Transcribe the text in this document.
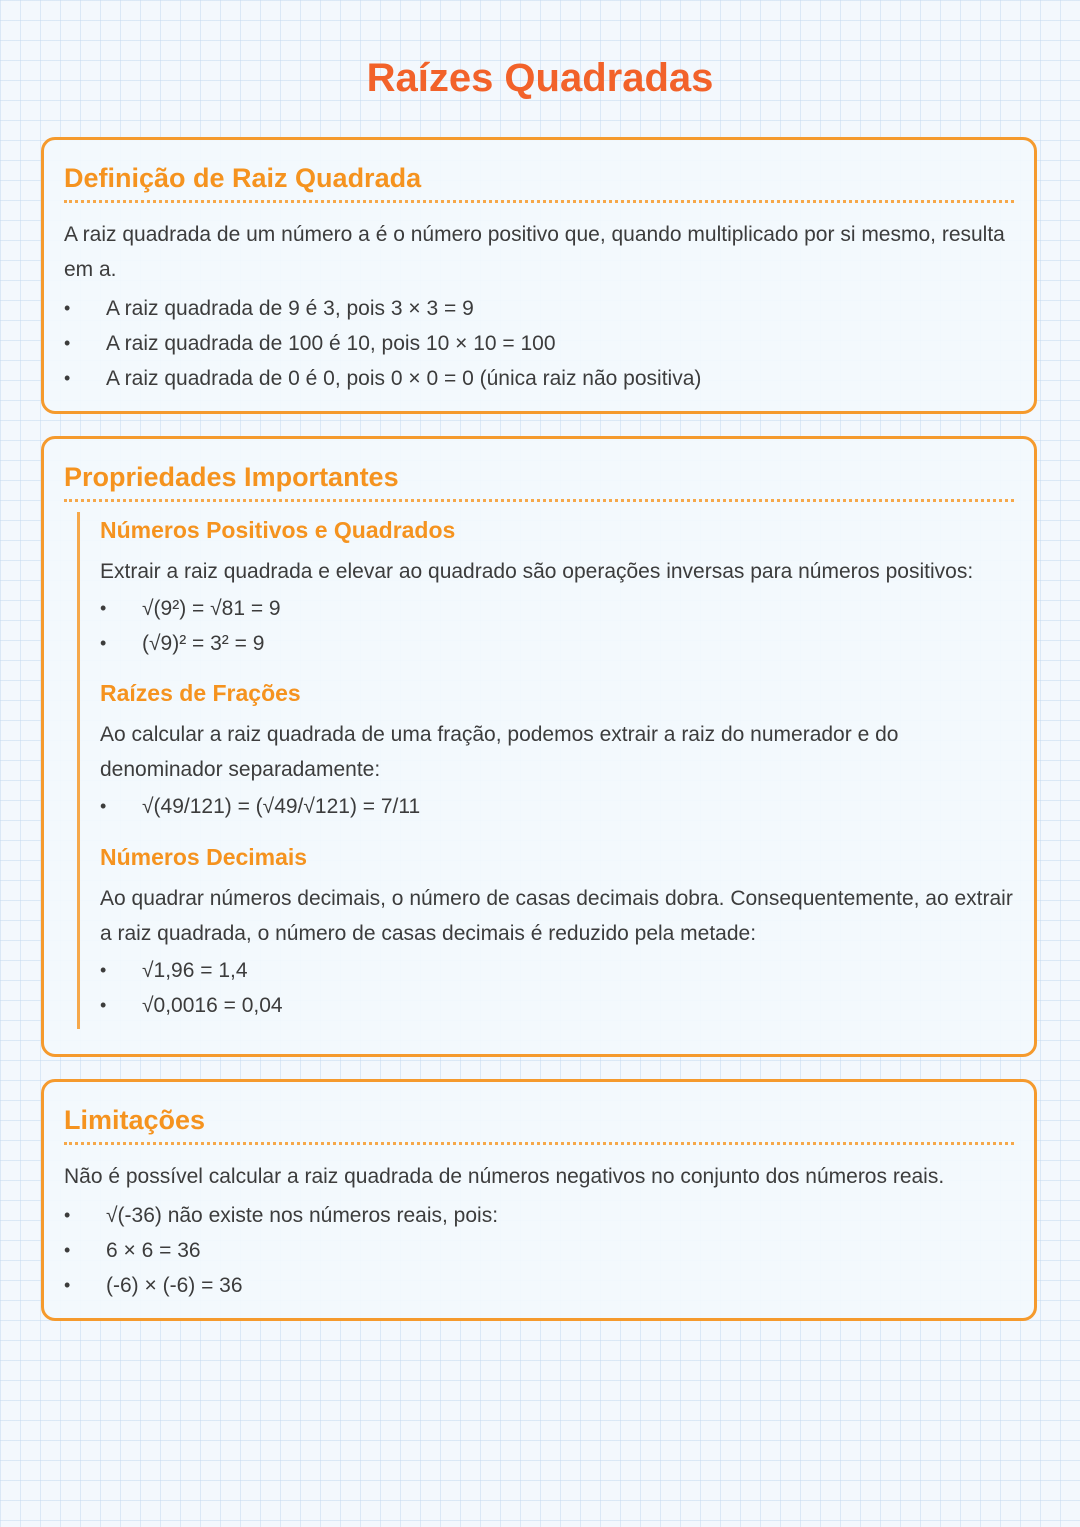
Raízes Quadradas
Definição de Raiz Quadrada

A raiz quadrada de um número a é o número positivo que, quando multiplicado por si mesmo, resulta em a.

•	A raiz quadrada de 9 é 3, pois 3 × 3 = 9
•	A raiz quadrada de 100 é 10, pois 10 × 10 = 100
•	A raiz quadrada de 0 é 0, pois 0 × 0 = 0 (única raiz não positiva)
Propriedades Importantes
Números Positivos e Quadrados

Extrair a raiz quadrada e elevar ao quadrado são operações inversas para números positivos:

•	√(9²) = √81 = 9
•	(√9)² = 3² = 9
Raízes de Frações

Ao calcular a raiz quadrada de uma fração, podemos extrair a raiz do numerador e do denominador separadamente:

•	√(49/121) = (√49/√121) = 7/11
Números Decimais

Ao quadrar números decimais, o número de casas decimais dobra. Consequentemente, ao extrair a raiz quadrada, o número de casas decimais é reduzido pela metade:

•	√1,96 = 1,4
•	√0,0016 = 0,04
Limitações

Não é possível calcular a raiz quadrada de números negativos no conjunto dos números reais.

•	√(-36) não existe nos números reais, pois:
•	6 × 6 = 36
•	(-6) × (-6) = 36
